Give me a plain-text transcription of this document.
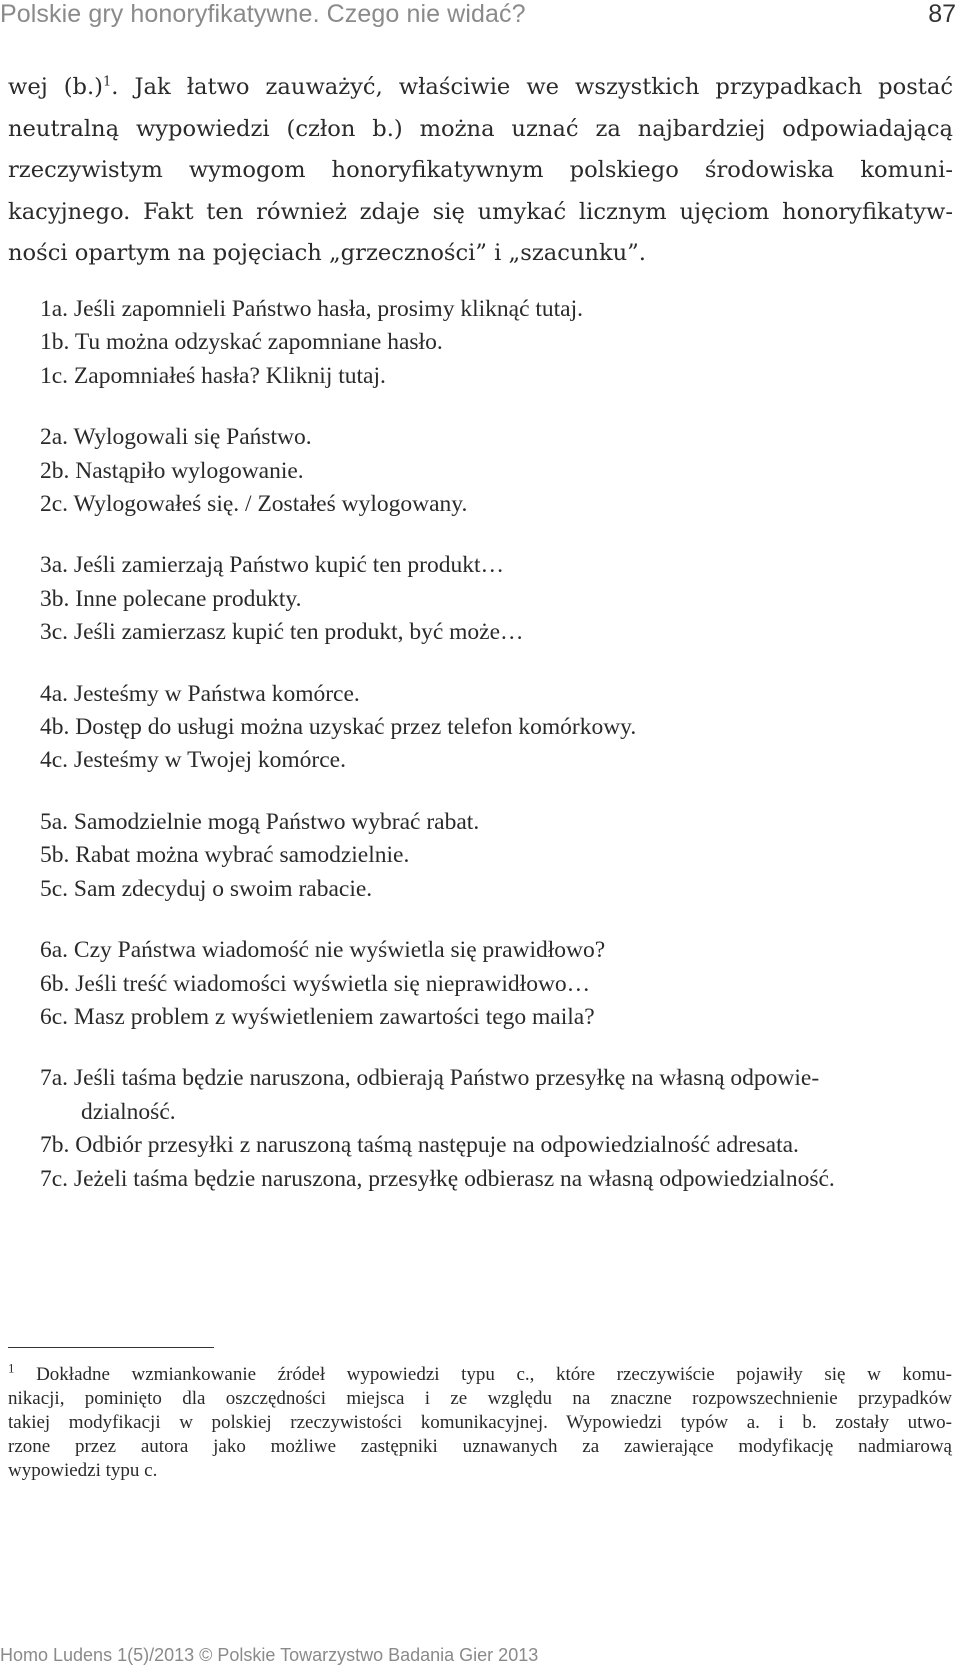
Polskie gry honoryfikatywne. Czego nie widać?	87
wej (b.)$^1$. Jak łatwo zauważyć, właściwie we wszystkich przypadkach postać
neutralną wypowiedzi (człon b.) można uznać za najbardziej odpowiadającą
rzeczywistym wymogom honoryfikatywnym polskiego środowiska komuni-
kacyjnego. Fakt ten również zdaje się umykać licznym ujęciom honoryfikatyw-
ności opartym na pojęciach „grzeczności” i „szacunku”.
1a. Jeśli zapomnieli Państwo hasła, prosimy kliknąć tutaj.
1b. Tu można odzyskać zapomniane hasło.
1c. Zapomniałeś hasła? Kliknij tutaj.
2a. Wylogowali się Państwo.
2b. Nastąpiło wylogowanie.
2c. Wylogowałeś się. / Zostałeś wylogowany.
3a. Jeśli zamierzają Państwo kupić ten produkt…
3b. Inne polecane produkty.
3c. Jeśli zamierzasz kupić ten produkt, być może…
4a. Jesteśmy w Państwa komórce.
4b. Dostęp do usługi można uzyskać przez telefon komórkowy.
4c. Jesteśmy w Twojej komórce.
5a. Samodzielnie mogą Państwo wybrać rabat.
5b. Rabat można wybrać samodzielnie.
5c. Sam zdecyduj o swoim rabacie.
6a. Czy Państwa wiadomość nie wyświetla się prawidłowo?
6b. Jeśli treść wiadomości wyświetla się nieprawidłowo…
6c. Masz problem z wyświetleniem zawartości tego maila?
7a. Jeśli taśma będzie naruszona, odbierają Państwo przesyłkę na własną odpowie-
dzialność.
7b. Odbiór przesyłki z naruszoną taśmą następuje na odpowiedzialność adresata.
7c. Jeżeli taśma będzie naruszona, przesyłkę odbierasz na własną odpowiedzialność.
$^1$ Dokładne wzmiankowanie źródeł wypowiedzi typu c., które rzeczywiście pojawiły się w komu-
nikacji, pominięto dla oszczędności miejsca i ze względu na znaczne rozpowszechnienie przypadków
takiej modyfikacji w polskiej rzeczywistości komunikacyjnej. Wypowiedzi typów a. i b. zostały utwo-
rzone przez autora jako możliwe zastępniki uznawanych za zawierające modyfikację nadmiarową
wypowiedzi typu c.
Homo Ludens 1(5)/2013 © Polskie Towarzystwo Badania Gier 2013
